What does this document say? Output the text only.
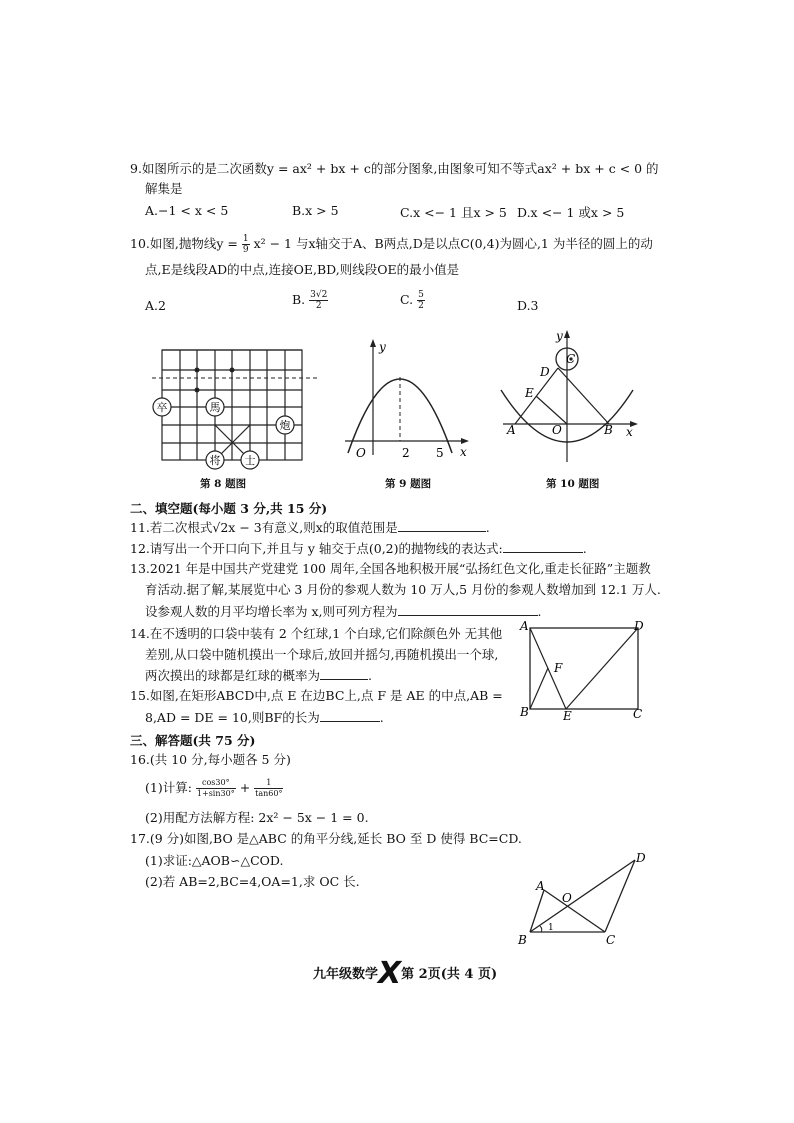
9.如图所示的是二次函数y = ax² + bx + c的部分图象,由图象可知不等式ax² + bx + c < 0 的
解集是
A.−1 < x < 5	B.x > 5	C.x <− 1 且x > 5 D.x <− 1 或x > 5
10.如图,抛物线$y = \frac{1}{9} x^2 - 1$ 与x轴交于A、B两点,D是以点C(0,4)为圆心,1 为半径的圆上的动
点,E是线段AD的中点,连接OE,BD,则线段OE的最小值是
A.2	B. $\frac{3√2}{2}$	C. $\frac{5}{2}$	D.3
卒	馬
炮
将 士
第 8 题图
y
x
O	2 5
第 9 题图
y
x
C
D
E
A	O	B
第 10 题图
二、填空题(每小题 3 分,共 15 分)
11.若二次根式√2x − 3有意义,则x的取值范围是	.
12.请写出一个开口向下,并且与 y 轴交于点(0,2)的抛物线的表达式:	.
13.2021 年是中国共产党建党 100 周年,全国各地积极开展“弘扬红色文化,重走长征路”主题教
育活动.据了解,某展览中心 3 月份的参观人数为 10 万人,5 月份的参观人数增加到 12.1 万人.
设参观人数的月平均增长率为 x,则可列方程为	.
14.在不透明的口袋中装有 2 个红球,1 个白球,它们除颜色外 无其他
差别,从口袋中随机摸出一个球后,放回并摇匀,再随机摸出一个球,
两次摸出的球都是红球的概率为	.
15.如图,在矩形ABCD中,点 E 在边BC上,点 F 是 AE 的中点,AB =
8,AD = DE = 10,则BF的长为	.
A	D
F
B	E	C
三、解答题(共 75 分)
16.(共 10 分,每小题各 5 分)
(1)计算: $\frac{\cos 30^\circ}{1+\sin 30^\circ} + \frac{1}{\tan 60^\circ}$
(2)用配方法解方程: 2x² − 5x − 1 = 0.
17.(9 分)如图,BO 是△ABC 的角平分线,延长 BO 至 D 使得 BC=CD.
(1)求证:△AOB∽△COD.
(2)若 AB=2,BC=4,OA=1,求 OC 长.
D
A
O
B	C
1
九年级数学X第 2页(共 4 页)
